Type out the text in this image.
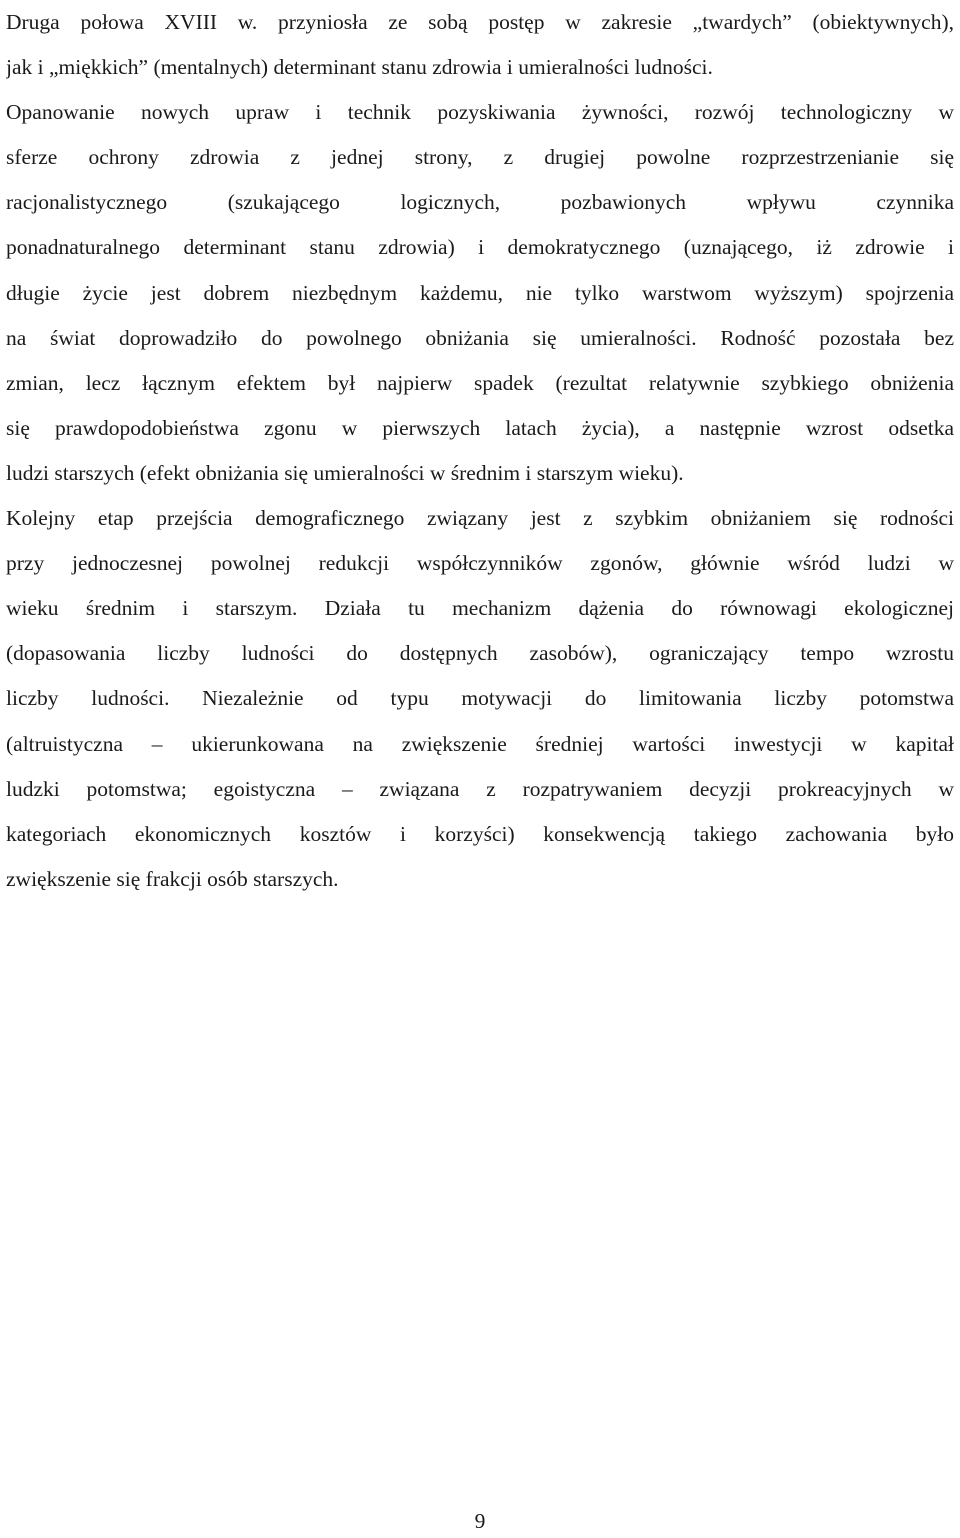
Druga połowa XVIII w. przyniosła ze sobą postęp w zakresie „twardych” (obiektywnych),
jak i „miękkich” (mentalnych) determinant stanu zdrowia i umieralności ludności.
Opanowanie nowych upraw i technik pozyskiwania żywności, rozwój technologiczny w
sferze ochrony zdrowia z jednej strony, z drugiej powolne rozprzestrzenianie się
racjonalistycznego (szukającego logicznych, pozbawionych wpływu czynnika
ponadnaturalnego determinant stanu zdrowia) i demokratycznego (uznającego, iż zdrowie i
długie życie jest dobrem niezbędnym każdemu, nie tylko warstwom wyższym) spojrzenia
na świat doprowadziło do powolnego obniżania się umieralności. Rodność pozostała bez
zmian, lecz łącznym efektem był najpierw spadek (rezultat relatywnie szybkiego obniżenia
się prawdopodobieństwa zgonu w pierwszych latach życia), a następnie wzrost odsetka
ludzi starszych (efekt obniżania się umieralności w średnim i starszym wieku).
Kolejny etap przejścia demograficznego związany jest z szybkim obniżaniem się rodności
przy jednoczesnej powolnej redukcji współczynników zgonów, głównie wśród ludzi w
wieku średnim i starszym. Działa tu mechanizm dążenia do równowagi ekologicznej
(dopasowania liczby ludności do dostępnych zasobów), ograniczający tempo wzrostu
liczby ludności. Niezależnie od typu motywacji do limitowania liczby potomstwa
(altruistyczna – ukierunkowana na zwiększenie średniej wartości inwestycji w kapitał
ludzki potomstwa; egoistyczna – związana z rozpatrywaniem decyzji prokreacyjnych w
kategoriach ekonomicznych kosztów i korzyści) konsekwencją takiego zachowania było
zwiększenie się frakcji osób starszych.
9
